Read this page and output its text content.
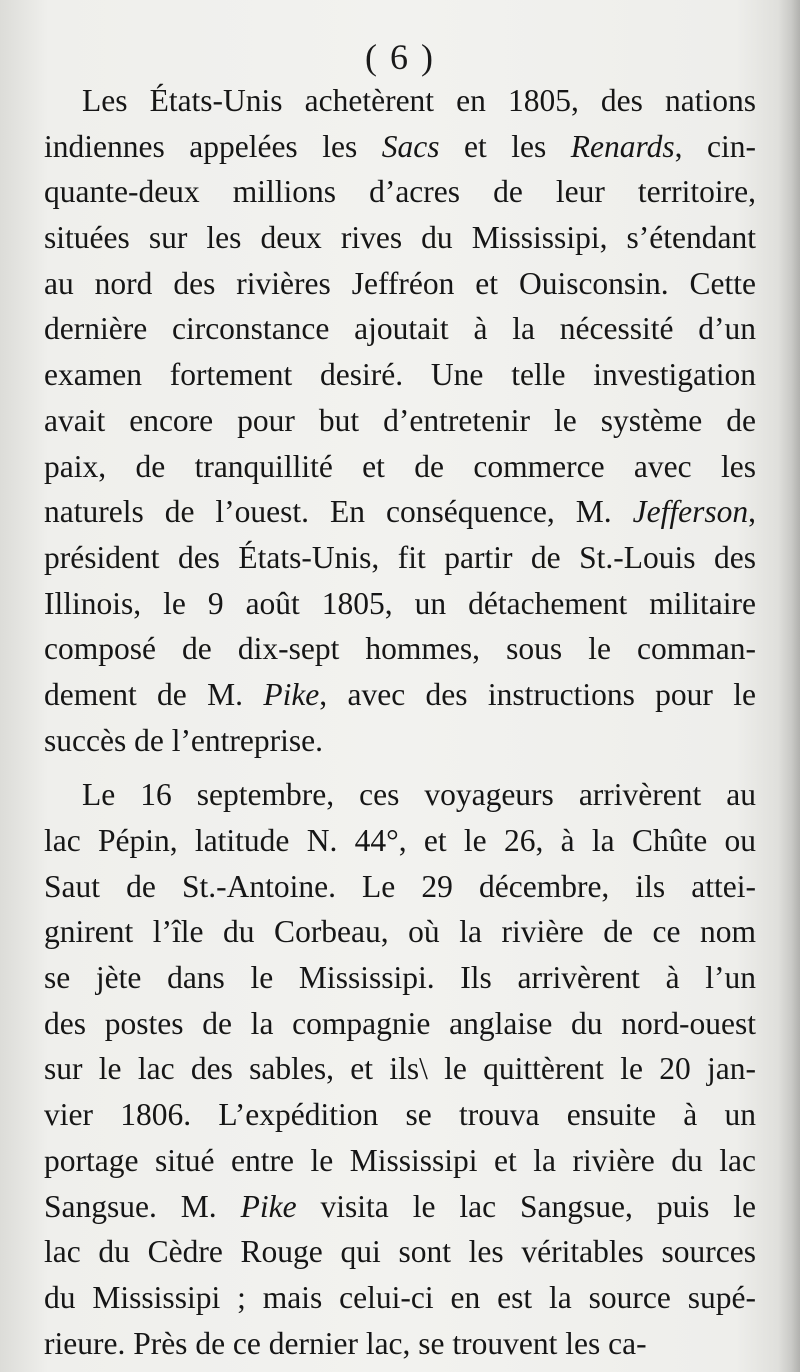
( 6 )
Les États-Unis achetèrent en 1805, des nations
indiennes appelées les Sacs et les Renards, cin-
quante-deux millions d’acres de leur territoire,
situées sur les deux rives du Mississipi, s’étendant
au nord des rivières Jeffréon et Ouisconsin. Cette
dernière circonstance ajoutait à la nécessité d’un
examen fortement desiré. Une telle investigation
avait encore pour but d’entretenir le système de
paix, de tranquillité et de commerce avec les
naturels de l’ouest. En conséquence, M. Jefferson,
président des États-Unis, fit partir de St.-Louis des
Illinois, le 9 août 1805, un détachement militaire
composé de dix-sept hommes, sous le comman-
dement de M. Pike, avec des instructions pour le
succès de l’entreprise.
Le 16 septembre, ces voyageurs arrivèrent au
lac Pépin, latitude N. 44°, et le 26, à la Chûte ou
Saut de St.-Antoine. Le 29 décembre, ils attei-
gnirent l’île du Corbeau, où la rivière de ce nom
se jète dans le Mississipi. Ils arrivèrent à l’un
des postes de la compagnie anglaise du nord-ouest
sur le lac des sables, et ils\ le quittèrent le 20 jan-
vier 1806. L’expédition se trouva ensuite à un
portage situé entre le Mississipi et la rivière du lac
Sangsue. M. Pike visita le lac Sangsue, puis le
lac du Cèdre Rouge qui sont les véritables sources
du Mississipi ; mais celui-ci en est la source supé-
rieure. Près de ce dernier lac, se trouvent les ca-
